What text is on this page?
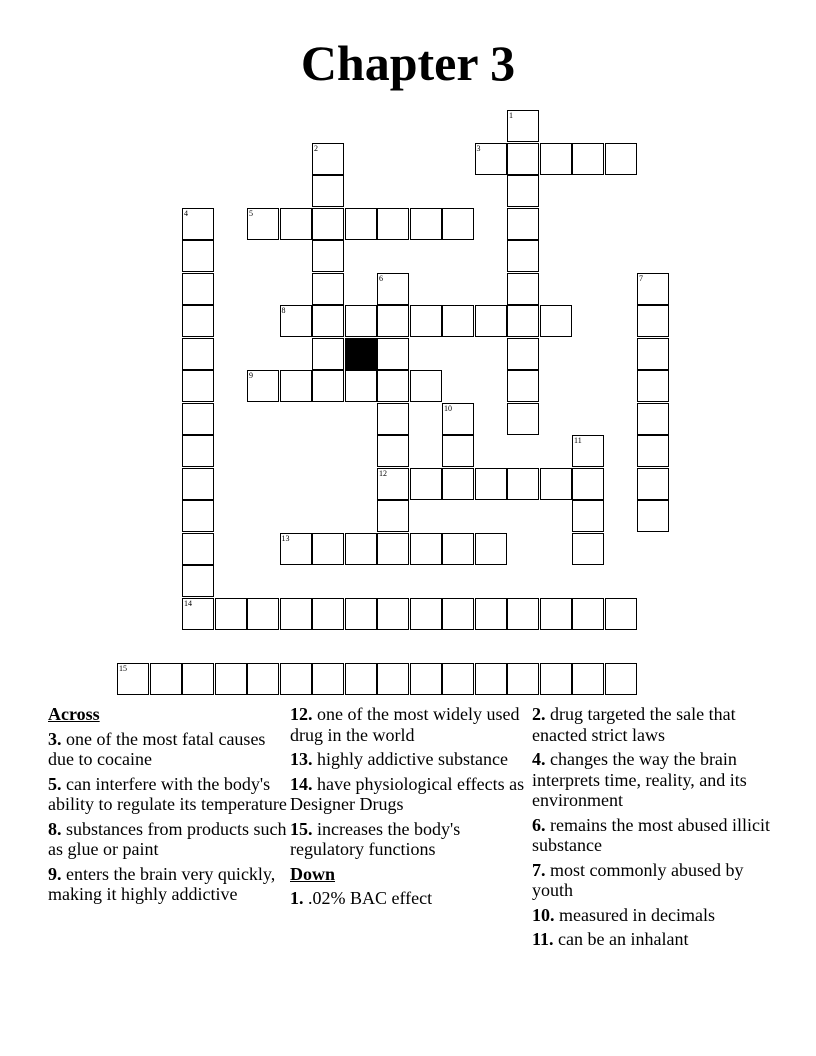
Chapter 3
3
5
8
9
12
13
14
15
1
2
4
6	7
10
11
Across
3. one of the most fatal causes due to cocaine
5. can interfere with the body's ability to regulate its temperature
8. substances from products such as glue or paint
9. enters the brain very quickly, making it highly addictive
12. one of the most widely used drug in the world
13. highly addictive substance
14. have physiological effects as Designer Drugs
15. increases the body's regulatory functions
Down
1. .02% BAC effect
2. drug targeted the sale that enacted strict laws
4. changes the way the brain interprets time, reality, and its environment
6. remains the most abused illicit substance
7. most commonly abused by youth
10. measured in decimals
11. can be an inhalant
